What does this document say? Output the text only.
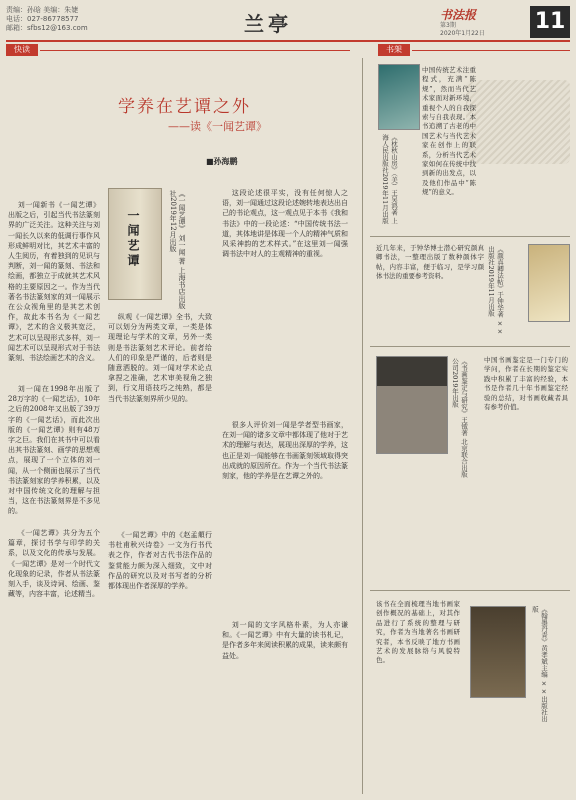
责编：孙晗 美编：朱婕
电话：027-86778577
邮箱：sfbs12@163.com	兰亭	书法报
第3期
2020年1月22日 11
快读	书架
学养在艺谭之外
——读《一闻艺谭》
■孙海鹏

刘一闻新书《一闻艺谭》出版之后，引起当代书法篆刻界的广泛关注。这种关注与刘一闻长久以来的低调行事作风形成鲜明对比，其艺术丰富的人生阅历，有着独到的见识与判断，刘一闻的篆刻、书法和绘画，都独立于成就其艺术风格的主要原因之一。作为当代著名书法篆刻家的刘一闻展示在公众视角里的是其艺术创作，故此本书名为《一闻艺谭》，艺术的含义极其宽泛，艺术可以呈现形式多样，刘一闻艺术可以呈现形式对于书法篆刻、书法绘画艺术的含义。

刘一闻在1998年出版了28万字的《一闻艺话》，10年之后的2008年又出版了39万字的《一闻艺话》，而此次出版的《一闻艺谭》则有48万字之巨。我们在其书中可以看出其书法篆刻、画学的思想观点，展现了一个立体的刘一闻，从一个侧面也展示了当代书法篆刻家的学养积累，以及对中国传统文化的理解与担当，这在书法篆刻界是不多见的。

《一闻艺谭》共分为五个篇章，探讨书学与印学的关系，以及文化的传承与发展。《一闻艺谭》是对一个时代文化现象的记录，作者从书法篆刻入手，谈及诗词、绘画、鉴藏等，内容丰富，论述精当。

一闻艺谭	《一闻艺谭》 刘一闻 著 上海书店出版社2019年12月出版

纵观《一闻艺谭》全书，大致可以划分为两类文章，一类是体现理论与学术的文章，另外一类则是书法篆刻艺术评论。前者给人们的印象是严谨的，后者则是随意洒脱的。刘一闻对学术论点拿捏之准确，艺术审美视角之独到，行文用语技巧之纯熟，都是当代书法篆刻界所少见的。

《一闻艺谭》中的《赵孟頫行书杜甫秋兴诗卷》一文为行书代表之作，作者对古代书法作品的鉴赏能力颇为深入细致，文中对作品的研究以及对书写者的分析都体现出作者深厚的学养。

这段论述很平实，没有任何惊人之语，刘一闻通过这段论述婉转地表达出自己的书论观点，这一观点见于本书《我和书法》中的一段论述：“中国传统书法一道，其体地讲是体现一个人的精神气质和风采神韵的艺术样式。”在这里刘一闻强调书法中对人的主观精神的重视。

很多人评价刘一闻是学者型书画家，在刘一闻的诸多文章中都体现了他对于艺术的理解与表达，展现出深厚的学养，这也正是刘一闻能够在书画篆刻领域取得突出成就的原因所在。作为一个当代书法篆刻家，他的学养是在艺谭之外的。

刘一闻的文字风格朴素，为人亦谦和。《一闻艺谭》中有大量的读书札记，是作者多年来阅读积累的成果，读来颇有益处。

《枕秋山房》（美）王吴鸿著 上海人民出版社2019年11月出版
中国传统艺术注重程式，充满“陈规”，然而当代艺术家面对新环境，重视个人的自我探索与自我表现。本书追溯了古老的中国艺术与当代艺术家在创作上的联系，分析当代艺术家如何在传统中找到新的出发点，以及他们作品中“陈规”的意义。
近几年来，于钟华博士潜心研究颜真卿书法，一整理出版了数种颜体字帖，内容丰富，便于临习，是学习颜体书法的重要参考资料。	《颜真卿法帖》于钟华著 ××出版社2019年11月出版
《书画鉴定与研究》王钺著 北京联合出版公司2019年出版	中国书画鉴定是一门专门的学问，作者在长期的鉴定实践中积累了丰富的经验，本书是作者几十年书画鉴定经验的总结，对书画收藏者具有参考价值。
该书在全面梳理当地书画家创作概况的基础上，对其作品进行了系统的整理与研究，作者为当地著名书画研究者，本书反映了地方书画艺术的发展脉络与风貌特色。	《翰墨丹青》黄孝斌主编 ××出版社出版
